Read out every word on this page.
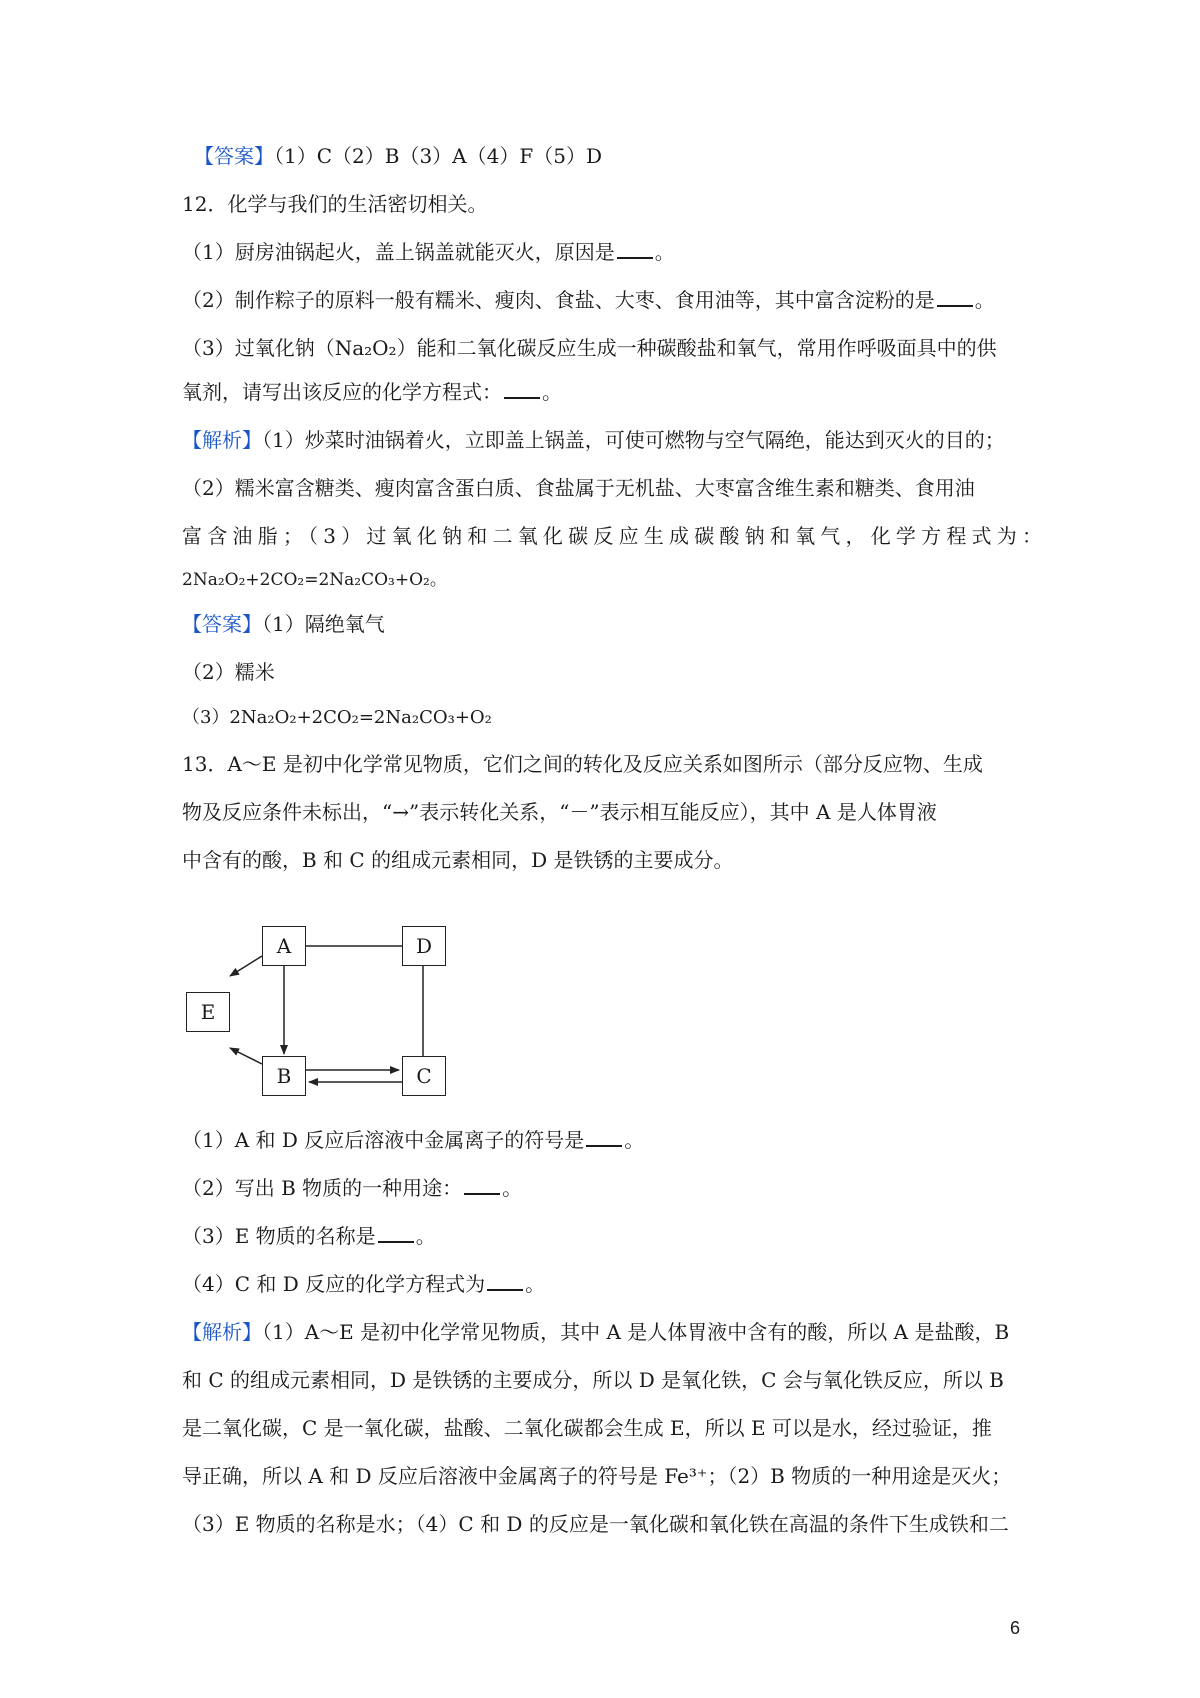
【答案】（1）C（2）B（3）A（4）F（5）D
12．化学与我们的生活密切相关。
（1）厨房油锅起火，盖上锅盖就能灭火，原因是 。
（2）制作粽子的原料一般有糯米、瘦肉、食盐、大枣、食用油等，其中富含淀粉的是 。
（3）过氧化钠（Na₂O₂）能和二氧化碳反应生成一种碳酸盐和氧气，常用作呼吸面具中的供
氧剂，请写出该反应的化学方程式： 。
【解析】（1）炒菜时油锅着火，立即盖上锅盖，可使可燃物与空气隔绝，能达到灭火的目的；
（2）糯米富含糖类、瘦肉富含蛋白质、食盐属于无机盐、大枣富含维生素和糖类、食用油
富含油脂；（3）过氧化钠和二氧化碳反应生成碳酸钠和氧气，化学方程式为：
2Na₂O₂+2CO₂=2Na₂CO₃+O₂。
【答案】（1）隔绝氧气
（2）糯米
（3）2Na₂O₂+2CO₂=2Na₂CO₃+O₂
13．A～E 是初中化学常见物质，它们之间的转化及反应关系如图所示（部分反应物、生成
物及反应条件未标出，“→”表示转化关系，“－”表示相互能反应），其中 A 是人体胃液
中含有的酸，B 和 C 的组成元素相同，D 是铁锈的主要成分。
A	D
E
B	C
（1）A 和 D 反应后溶液中金属离子的符号是 。
（2）写出 B 物质的一种用途： 。
（3）E 物质的名称是 。
（4）C 和 D 反应的化学方程式为 。
【解析】（1）A～E 是初中化学常见物质，其中 A 是人体胃液中含有的酸，所以 A 是盐酸，B
和 C 的组成元素相同，D 是铁锈的主要成分，所以 D 是氧化铁，C 会与氧化铁反应，所以 B
是二氧化碳，C 是一氧化碳，盐酸、二氧化碳都会生成 E，所以 E 可以是水，经过验证，推
导正确，所以 A 和 D 反应后溶液中金属离子的符号是 Fe³⁺；（2）B 物质的一种用途是灭火；
（3）E 物质的名称是水；（4）C 和 D 的反应是一氧化碳和氧化铁在高温的条件下生成铁和二
6
